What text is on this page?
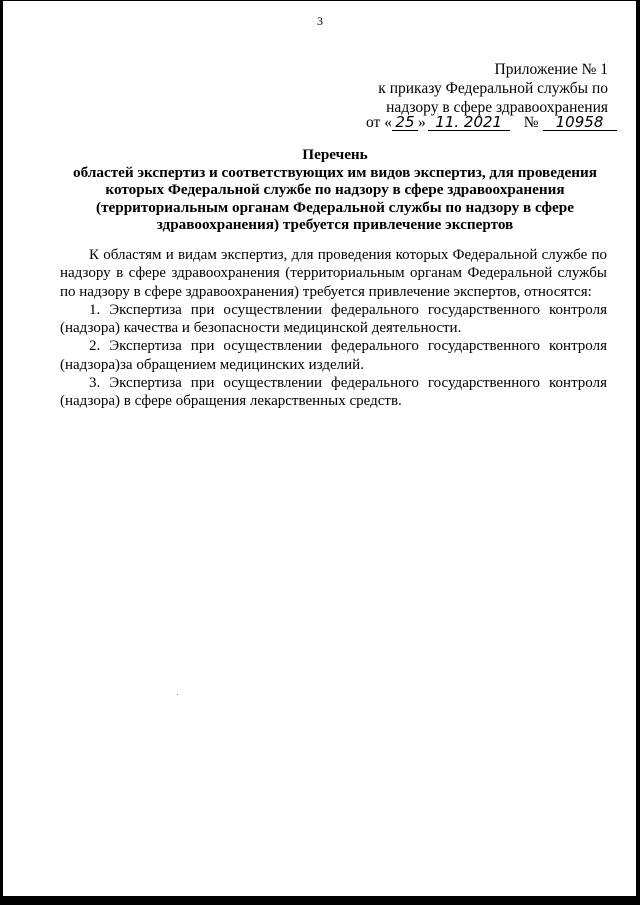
3
Приложение № 1
к приказу Федеральной службы по
надзору в сфере здравоохранения
от « 25 » 11. 2021 № 10958
Перечень
областей экспертиз и соответствующих им видов экспертиз, для проведения
которых Федеральной службе по надзору в сфере здравоохранения
(территориальным органам Федеральной службы по надзору в сфере
здравоохранения) требуется привлечение экспертов

К областям и видам экспертиз, для проведения которых Федеральной службе по надзору в сфере здравоохранения (территориальным органам Федеральной службы по надзору в сфере здравоохранения) требуется привлечение экспертов, относятся:

1. Экспертиза при осуществлении федерального государственного контроля (надзора) качества и безопасности медицинской деятельности.

2. Экспертиза при осуществлении федерального государственного контроля (надзора)за обращением медицинских изделий.

3. Экспертиза при осуществлении федерального государственного контроля (надзора) в сфере обращения лекарственных средств.
